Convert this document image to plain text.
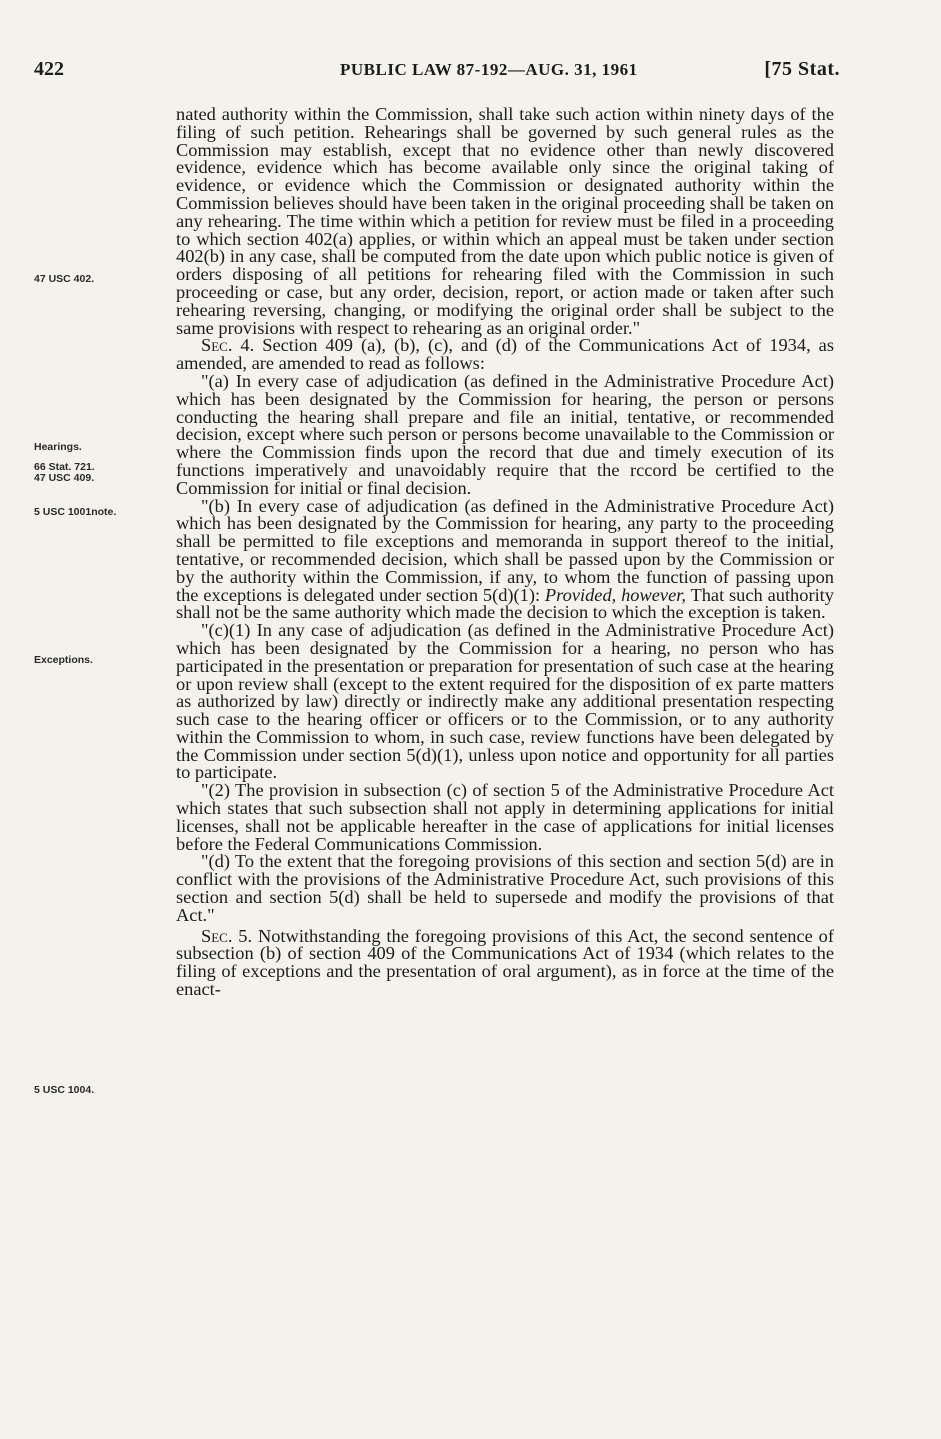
422	PUBLIC LAW 87-192—AUG. 31, 1961	[75 Stat.
47 USC 402.
Hearings.
66 Stat. 721.
47 USC 409.
5 USC 1001note.
Exceptions.
5 USC 1004.

nated authority within the Commission, shall take such action within ninety days of the filing of such petition. Rehearings shall be governed by such general rules as the Commission may establish, except that no evidence other than newly discovered evidence, evidence which has become available only since the original taking of evidence, or evidence which the Commission or designated authority within the Commission believes should have been taken in the original proceeding shall be taken on any rehearing. The time within which a petition for review must be filed in a proceeding to which section 402(a) applies, or within which an appeal must be taken under section 402(b) in any case, shall be computed from the date upon which public notice is given of orders disposing of all petitions for rehearing filed with the Commission in such proceeding or case, but any order, decision, report, or action made or taken after such rehearing reversing, changing, or modifying the original order shall be subject to the same provisions with respect to rehearing as an original order."

Sec. 4. Section 409 (a), (b), (c), and (d) of the Communications Act of 1934, as amended, are amended to read as follows:

"(a) In every case of adjudication (as defined in the Administrative Procedure Act) which has been designated by the Commission for hearing, the person or persons conducting the hearing shall prepare and file an initial, tentative, or recommended decision, except where such person or persons become unavailable to the Commission or where the Commission finds upon the record that due and timely execution of its functions imperatively and unavoidably require that the rccord be certified to the Commission for initial or final decision.

"(b) In every case of adjudication (as defined in the Administrative Procedure Act) which has been designated by the Commission for hearing, any party to the proceeding shall be permitted to file exceptions and memoranda in support thereof to the initial, tentative, or recommended decision, which shall be passed upon by the Commission or by the authority within the Commission, if any, to whom the function of passing upon the exceptions is delegated under section 5(d)(1): Provided, however, That such authority shall not be the same authority which made the decision to which the exception is taken.

"(c)(1) In any case of adjudication (as defined in the Administrative Procedure Act) which has been designated by the Commission for a hearing, no person who has participated in the presentation or preparation for presentation of such case at the hearing or upon review shall (except to the extent required for the disposition of ex parte matters as authorized by law) directly or indirectly make any additional presentation respecting such case to the hearing officer or officers or to the Commission, or to any authority within the Commission to whom, in such case, review functions have been delegated by the Commission under section 5(d)(1), unless upon notice and opportunity for all parties to participate.

"(2) The provision in subsection (c) of section 5 of the Administrative Procedure Act which states that such subsection shall not apply in determining applications for initial licenses, shall not be applicable hereafter in the case of applications for initial licenses before the Federal Communications Commission.

"(d) To the extent that the foregoing provisions of this section and section 5(d) are in conflict with the provisions of the Administrative Procedure Act, such provisions of this section and section 5(d) shall be held to supersede and modify the provisions of that Act."

Sec. 5. Notwithstanding the foregoing provisions of this Act, the second sentence of subsection (b) of section 409 of the Communications Act of 1934 (which relates to the filing of exceptions and the presentation of oral argument), as in force at the time of the enact-
